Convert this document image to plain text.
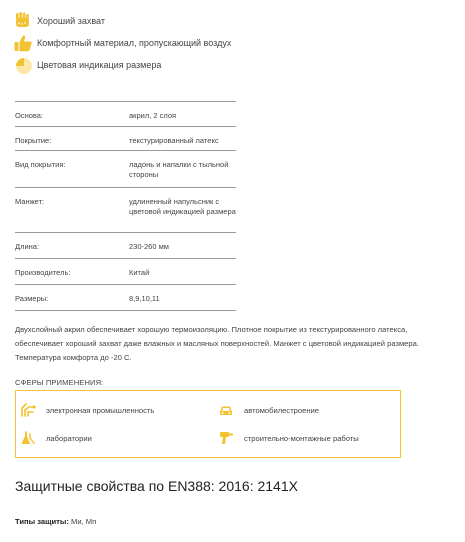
Хороший захват
Комфортный материал, пропускающий воздух
Цветовая индикация размера
Основа:	акрил, 2 слоя
Покрытие:	текстурированный латекс
Вид покрытия:	ладонь и напалки с тыльной стороны
Манжет:	удлиненный напульсник с цветовой индикацией размера
Длина:	230-260 мм
Производитель:	Китай
Размеры:	8,9,10,11
Двухслойный акрил обеспечивает хорошую термоизоляцию. Плотное покрытие из текстурированного латекса, обеспечивает хороший захват даже влажных и масляных поверхностей. Манжет с цветовой индикацией размера. Температура комфорта до -20 С.
СФЕРЫ ПРИМЕНЕНИЯ:
электронная промышленность	автомобилестроение
лаборатории	строительно-монтажные работы
Защитные свойства по EN388: 2016: 2141X
Типы защиты: Ми, Мп
